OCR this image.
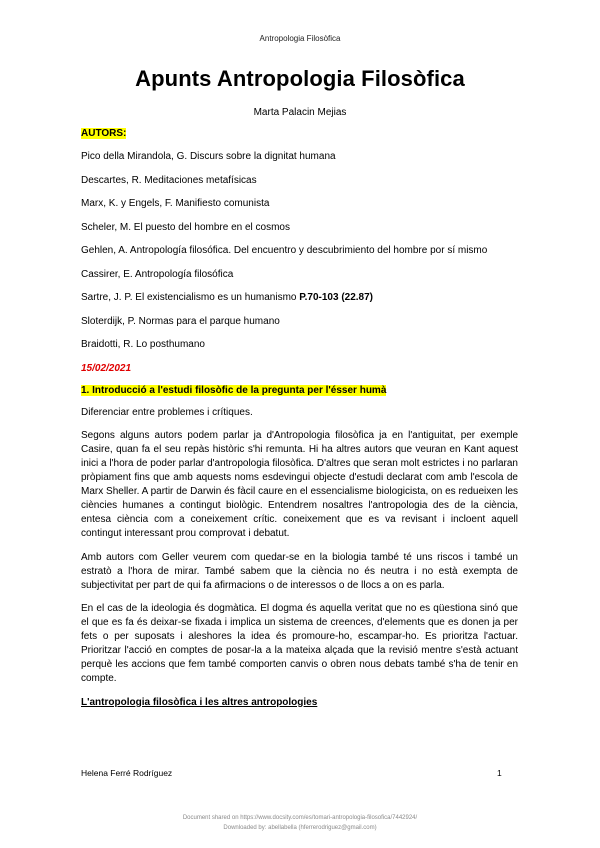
Antropologia Filosòfica
Apunts Antropologia Filosòfica
Marta Palacin Mejias
AUTORS:
Pico della Mirandola, G. Discurs sobre la dignitat humana
Descartes, R. Meditaciones metafísicas
Marx, K. y Engels, F. Manifiesto comunista
Scheler, M. El puesto del hombre en el cosmos
Gehlen, A. Antropología filosófica. Del encuentro y descubrimiento del hombre por sí mismo
Cassirer, E. Antropología filosófica
Sartre, J. P. El existencialismo es un humanismo P.70-103 (22.87)
Sloterdijk, P. Normas para el parque humano
Braidotti, R. Lo posthumano
15/02/2021
1. Introducció a l'estudi filosòfic de la pregunta per l'ésser humà

Diferenciar entre problemes i crítiques.

Segons alguns autors podem parlar ja d'Antropologia filosòfica ja en l'antiguitat, per exemple Casire, quan fa el seu repàs històric s'hi remunta. Hi ha altres autors que veuran en Kant aquest inici a l'hora de poder parlar d'antropologia filosòfica. D'altres que seran molt estrictes i no parlaran pròpiament fins que amb aquests noms esdevingui objecte d'estudi declarat com amb l'escola de Marx Sheller. A partir de Darwin és fàcil caure en el essencialisme biologicista, on es redueixen les ciències humanes a contingut biològic. Entendrem nosaltres l'antropologia des de la ciència, entesa ciència com a coneixement crític. coneixement que es va revisant i incloent aquell contingut interessant prou comprovat i debatut.

Amb autors com Geller veurem com quedar-se en la biologia també té uns riscos i també un estratò a l'hora de mirar. També sabem que la ciència no és neutra i no està exempta de subjectivitat per part de qui fa afirmacions o de interessos o de llocs a on es parla.

En el cas de la ideologia és dogmàtica. El dogma és aquella veritat que no es qüestiona sinó que el que es fa és deixar-se fixada i implica un sistema de creences, d'elements que es donen ja per fets o per suposats i aleshores la idea és promoure-ho, escampar-ho. Es prioritza l'actuar. Prioritzar l'acció en comptes de posar-la a la mateixa alçada que la revisió mentre s'està actuant perquè les accions que fem també comporten canvis o obren nous debats també s'ha de tenir en compte.

L'antropologia filosòfica i les altres antropologies
Helena Ferré Rodríguez	1
Document shared on https://www.docsity.com/es/tomari-antropologia-filosofica/7442924/
Downloaded by: abellabella (hferrerodriguez@gmail.com)
